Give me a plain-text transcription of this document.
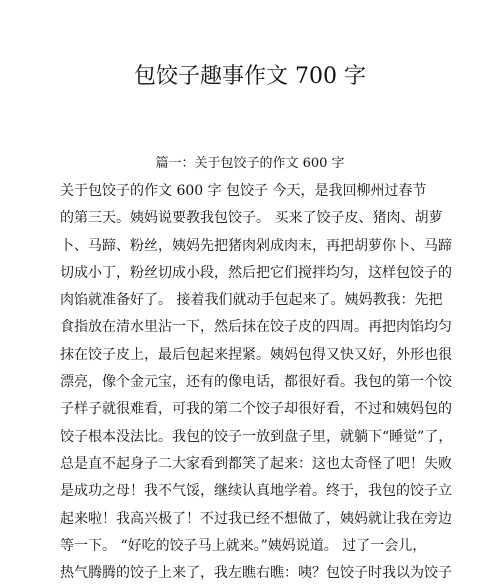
包饺子趣事作文 700 字
篇一：关于包饺子的作文 600 字
关于包饺子的作文 600 字 包饺子 今天，是我回柳州过春节
的第三天。姨妈说要教我包饺子。 买来了饺子皮、猪肉、胡萝
卜、马蹄、粉丝，姨妈先把猪肉剁成肉末，再把胡萝你卜、马蹄
切成小丁，粉丝切成小段，然后把它们搅拌均匀，这样包饺子的
肉馅就准备好了。 接着我们就动手包起来了。姨妈教我：先把
食指放在清水里沾一下，然后抹在饺子皮的四周。再把肉馅均匀
抹在饺子皮上，最后包起来捏紧。姨妈包得又快又好，外形也很
漂亮，像个金元宝，还有的像电话，都很好看。我包的第一个饺
子样子就很难看，可我的第二个饺子却很好看，不过和姨妈包的
饺子根本没法比。我包的饺子一放到盘子里，就躺下“睡觉”了，
总是直不起身子二大家看到都笑了起来：这也太奇怪了吧！失败
是成功之母！我不气馁，继续认真地学着。终于，我包的饺子立
起来啦！我高兴极了！不过我已经不想做了，姨妈就让我在旁边
等一下。 “好吃的饺子马上就来。”姨妈说道。 过了一会儿，
热气腾腾的饺子上来了，我左瞧右瞧：咦？包饺子时我以为饺子
